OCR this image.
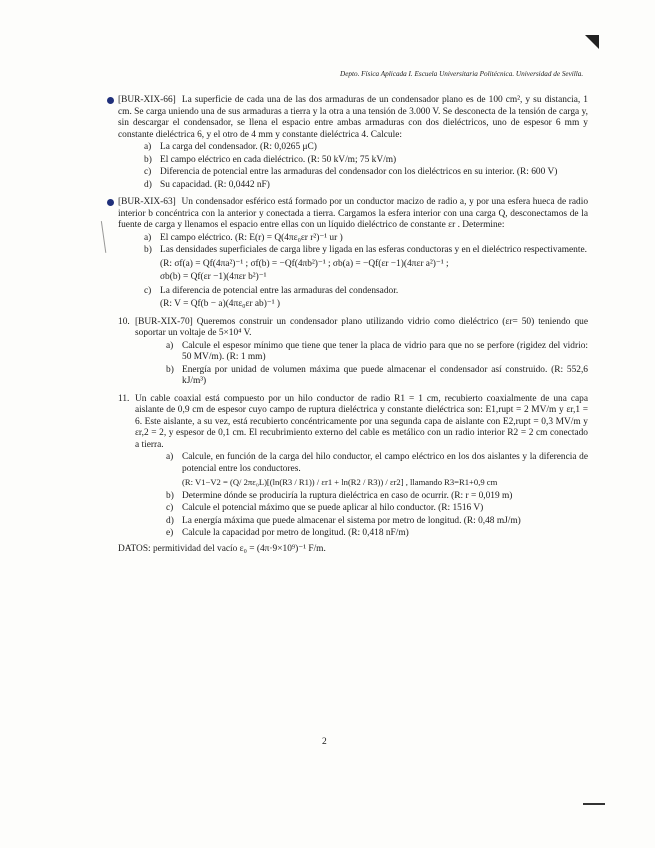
Depto. Física Aplicada I. Escuela Universitaria Politécnica. Universidad de Sevilla.
[BUR-XIX-66] La superficie de cada una de las dos armaduras de un condensador plano es de 100 cm², y su distancia, 1 cm. Se carga uniendo una de sus armaduras a tierra y la otra a una tensión de 3.000 V. Se desconecta de la tensión de carga y, sin descargar el condensador, se llena el espacio entre ambas armaduras con dos dieléctricos, uno de espesor 6 mm y constante dieléctrica 6, y el otro de 4 mm y constante dieléctrica 4. Calcule:
a) La carga del condensador. (R: 0,0265 μC)
b) El campo eléctrico en cada dieléctrico. (R: 50 kV/m; 75 kV/m)
c) Diferencia de potencial entre las armaduras del condensador con los dieléctricos en su interior. (R: 600 V)
d) Su capacidad. (R: 0,0442 nF)
[BUR-XIX-63] Un condensador esférico está formado por un conductor macizo de radio a, y por una esfera hueca de radio interior b concéntrica con la anterior y conectada a tierra. Cargamos la esfera interior con una carga Q, desconectamos de la fuente de carga y llenamos el espacio entre ellas con un líquido dieléctrico de constante εr . Determine:
a) El campo eléctrico. (R: E(r) = Q(4πε₀εr r²)⁻¹ ur )
b) Las densidades superficiales de carga libre y ligada en las esferas conductoras y en el dieléctrico respectivamente.
(R: σf(a) = Qf(4πa²)⁻¹ ; σf(b) = −Qf(4πb²)⁻¹ ; σb(a) = −Qf(εr −1)(4πεr a²)⁻¹ ;
σb(b) = Qf(εr −1)(4πεr b²)⁻¹
c) La diferencia de potencial entre las armaduras del condensador.
(R: V = Qf(b − a)(4πε₀εr ab)⁻¹ )
10. [BUR-XIX-70] Queremos construir un condensador plano utilizando vidrio como dieléctrico (εr= 50) teniendo que soportar un voltaje de 5×10⁴ V.
a) Calcule el espesor mínimo que tiene que tener la placa de vidrio para que no se perfore (rigidez del vidrio: 50 MV/m). (R: 1 mm)
b) Energía por unidad de volumen máxima que puede almacenar el condensador así construido. (R: 552,6 kJ/m³)
11. Un cable coaxial está compuesto por un hilo conductor de radio R1 = 1 cm, recubierto coaxialmente de una capa aislante de 0,9 cm de espesor cuyo campo de ruptura dieléctrica y constante dieléctrica son: E1,rupt = 2 MV/m y εr,1 = 6. Este aislante, a su vez, está recubierto concéntricamente por una segunda capa de aislante con E2,rupt = 0,3 MV/m y εr,2 = 2, y espesor de 0,1 cm. El recubrimiento externo del cable es metálico con un radio interior R2 = 2 cm conectado a tierra.
a) Calcule, en función de la carga del hilo conductor, el campo eléctrico en los dos aislantes y la diferencia de potencial entre los conductores.
(R: V1−V2 = (Q/ 2πε₀L)[(ln(R3 / R1)) / εr1 + ln(R2 / R3)) / εr2] , llamando R3=R1+0,9 cm
b) Determine dónde se produciría la ruptura dieléctrica en caso de ocurrir. (R: r = 0,019 m)
c) Calcule el potencial máximo que se puede aplicar al hilo conductor. (R: 1516 V)
d) La energía máxima que puede almacenar el sistema por metro de longitud. (R: 0,48 mJ/m)
e) Calcule la capacidad por metro de longitud. (R: 0,418 nF/m)
DATOS: permitividad del vacío ε₀ = (4π·9×10⁹)⁻¹ F/m.
2
